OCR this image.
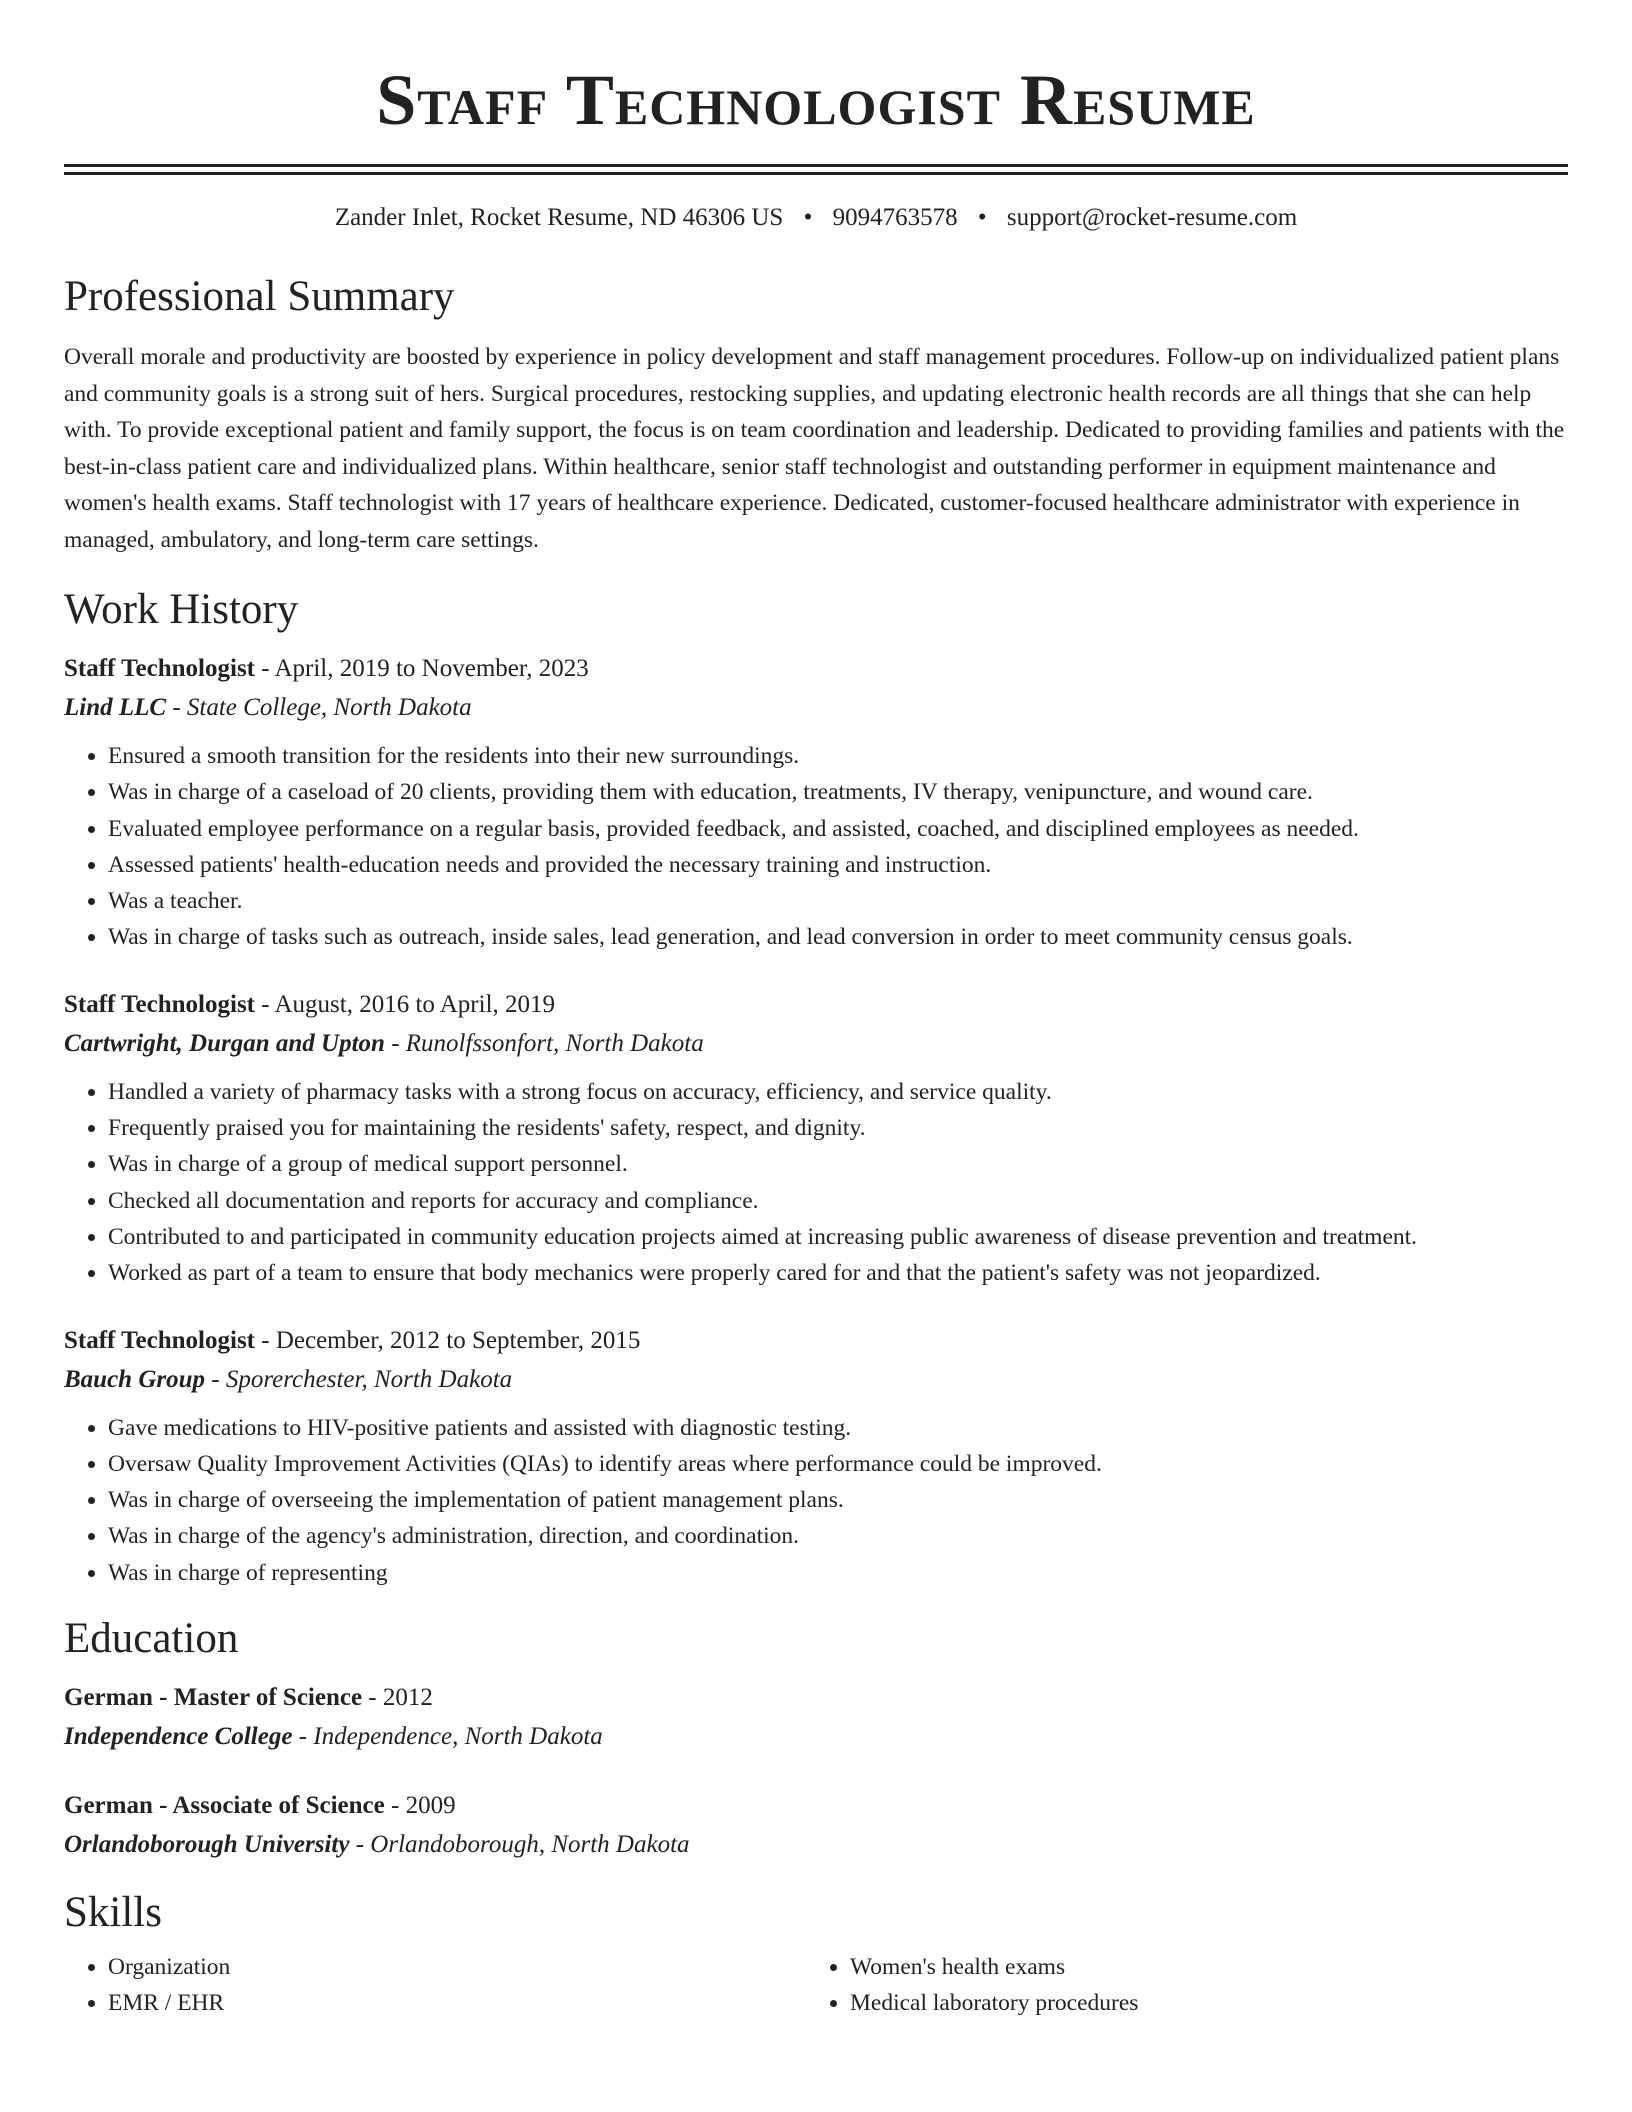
Staff Technologist Resume
Zander Inlet, Rocket Resume, ND 46306 US • 9094763578 • support@rocket-resume.com
Professional Summary

Overall morale and productivity are boosted by experience in policy development and staff management procedures. Follow-up on individualized patient plans and community goals is a strong suit of hers. Surgical procedures, restocking supplies, and updating electronic health records are all things that she can help with. To provide exceptional patient and family support, the focus is on team coordination and leadership. Dedicated to providing families and patients with the best-in-class patient care and individualized plans. Within healthcare, senior staff technologist and outstanding performer in equipment maintenance and women's health exams. Staff technologist with 17 years of healthcare experience. Dedicated, customer-focused healthcare administrator with experience in managed, ambulatory, and long-term care settings.

Work History
Staff Technologist - April, 2019 to November, 2023
Lind LLC - State College, North Dakota
• Ensured a smooth transition for the residents into their new surroundings.
• Was in charge of a caseload of 20 clients, providing them with education, treatments, IV therapy, venipuncture, and wound care.
• Evaluated employee performance on a regular basis, provided feedback, and assisted, coached, and disciplined employees as needed.
• Assessed patients' health-education needs and provided the necessary training and instruction.
• Was a teacher.
• Was in charge of tasks such as outreach, inside sales, lead generation, and lead conversion in order to meet community census goals.
Staff Technologist - August, 2016 to April, 2019
Cartwright, Durgan and Upton - Runolfssonfort, North Dakota
• Handled a variety of pharmacy tasks with a strong focus on accuracy, efficiency, and service quality.
• Frequently praised you for maintaining the residents' safety, respect, and dignity.
• Was in charge of a group of medical support personnel.
• Checked all documentation and reports for accuracy and compliance.
• Contributed to and participated in community education projects aimed at increasing public awareness of disease prevention and treatment.
• Worked as part of a team to ensure that body mechanics were properly cared for and that the patient's safety was not jeopardized.
Staff Technologist - December, 2012 to September, 2015
Bauch Group - Sporerchester, North Dakota
• Gave medications to HIV-positive patients and assisted with diagnostic testing.
• Oversaw Quality Improvement Activities (QIAs) to identify areas where performance could be improved.
• Was in charge of overseeing the implementation of patient management plans.
• Was in charge of the agency's administration, direction, and coordination.
• Was in charge of representing
Education
German - Master of Science - 2012
Independence College - Independence, North Dakota
German - Associate of Science - 2009
Orlandoborough University - Orlandoborough, North Dakota
Skills
• Organization
• EMR / EHR
• Women's health exams
• Medical laboratory procedures
